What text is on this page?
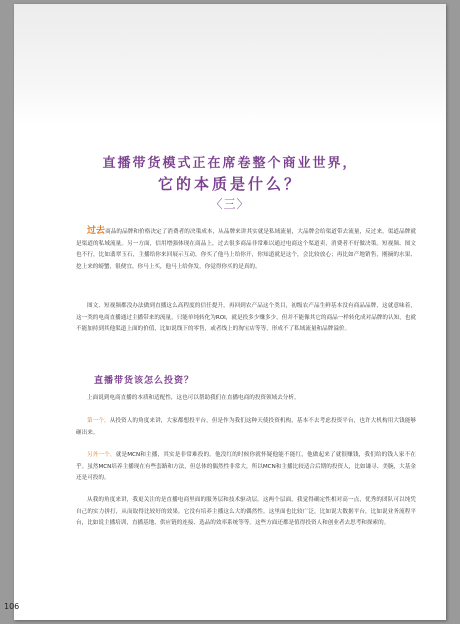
直播带货模式正在席卷整个商业世界，
它的本质是什么？
〈三〉
过去商品的品牌和价格决定了消费者的决策成本，从品牌来讲其实就是私域流量，大品牌会给渠道带去流量，反过来，渠道品牌就是渠道的私域流量。另一方面，信用增强体现在商品上，过去很多商品非常难以通过电商这个渠道卖，消费者不好做决策。短视频、图文也不行，比如翡翠玉石，主播给你来回展示互动，你买了他马上给你开，你知道就是这个，会比较放心；再比如产地销售，刚摘的水果、挖上来的螃蟹，很便宜，你马上买，他马上给你发，你觉得你买的是真的。
图文、短视频都没办法做到直播这么高程度的信任提升，再回到农产品这个类目，初级农产品生鲜基本没有商品品牌，这就意味着，这一类的电商直播通过主播带来的流量，只能单纯转化为ROI，就是投多少赚多少，但并不能像其它的商品一样转化成对品牌的认知，也就不能加持到其他渠道上面的价值，比如说线下的零售，或者线上的淘宝店等等，形成不了私域流量和品牌溢价。
直播带货该怎么投资？
上面说到电商直播的本质和适配性，这也可以帮助我们在直播电商的投资领域去分析。
第一个，从投资人的角度来讲，大家都想投平台，但是作为我们这种天使投资机构，基本不去考虑投资平台，也许大机构用大钱能够砸出来。
另外一个，就是MCN和主播，其实是非常难投的。他没红的时候你就怀疑他能不能红，他做起来了就很赚钱，我们给的钱人家不在乎。虽然MCN培养主播现在有些套路和方法，但总体的偶然性非常大，所以MCN和主播比较适合后期的投资人，比如谦寻、美腕，大基金还是可投的。
从我的角度来讲，我更关注的是直播电商里面的服务层和技术驱动层。这两个层面，我觉得确定性相对高一点，优秀的团队可以纯凭自己的实力拼打，从而取得比较好的效果。它没有培养主播这么大的偶然性。这里面也比较广泛，比如说大数据平台，比如说业务流程平台，比如说主播培训，直播基地、供应链的连接、选品的效率系统等等。这些方面还都是值得投资人和创业者去思考和探索的。
106
